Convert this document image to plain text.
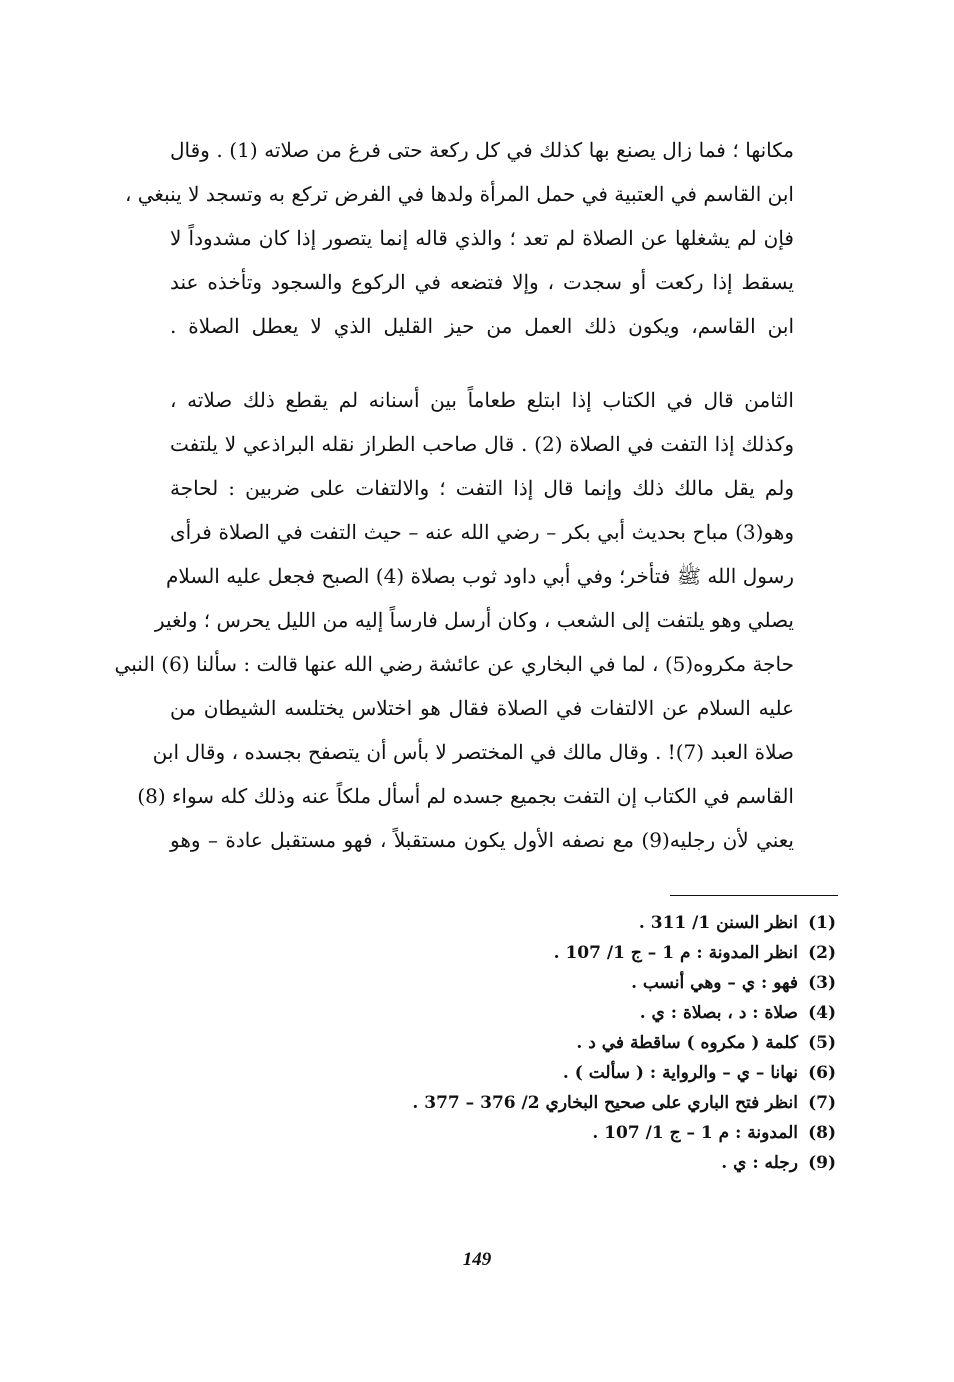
مكانها ؛ فما زال يصنع بها كذلك في كل ركعة حتى فرغ من صلاته (1) . وقال
ابن القاسم في العتبية في حمل المرأة ولدها في الفرض تركع به وتسجد لا ينبغي ،
فإن لم يشغلها عن الصلاة لم تعد ؛ والذي قاله إنما يتصور إذا كان مشدوداً لا
يسقط إذا ركعت أو سجدت ، وإلا فتضعه في الركوع والسجود وتأخذه عند
ابن القاسم، ويكون ذلك العمل من حيز القليل الذي لا يعطل الصلاة .
الثامن قال في الكتاب إذا ابتلع طعاماً بين أسنانه لم يقطع ذلك صلاته ،
وكذلك إذا التفت في الصلاة (2) . قال صاحب الطراز نقله البراذعي لا يلتفت
ولم يقل مالك ذلك وإنما قال إذا التفت ؛ والالتفات على ضربين : لحاجة
وهو(3) مباح بحديث أبي بكر – رضي الله عنه – حيث التفت في الصلاة فرأى
رسول الله ﷺ فتأخر؛ وفي أبي داود ثوب بصلاة (4) الصبح فجعل عليه السلام
يصلي وهو يلتفت إلى الشعب ، وكان أرسل فارساً إليه من الليل يحرس ؛ ولغير
حاجة مكروه(5) ، لما في البخاري عن عائشة رضي الله عنها قالت : سألنا (6) النبي
عليه السلام عن الالتفات في الصلاة فقال هو اختلاس يختلسه الشيطان من
صلاة العبد (7)! . وقال مالك في المختصر لا بأس أن يتصفح بجسده ، وقال ابن
القاسم في الكتاب إن التفت بجميع جسده لم أسأل ملكاً عنه وذلك كله سواء (8)
يعني لأن رجليه(9) مع نصفه الأول يكون مستقبلاً ، فهو مستقبل عادة – وهو
(1)
انظر السنن 1/ 311 .
(2)
انظر المدونة : م 1 – ج 1/ 107 .
(3)
فهو : ي – وهي أنسب .
(4)
صلاة : د ، بصلاة : ي .
(5)
كلمة ( مكروه ) ساقطة في د .
(6)
نهانا – ي – والرواية : ( سألت ) .
(7)
انظر فتح الباري على صحيح البخاري 2/ 376 – 377 .
(8)
المدونة : م 1 – ج 1/ 107 .
(9)
رجله : ي .
149
